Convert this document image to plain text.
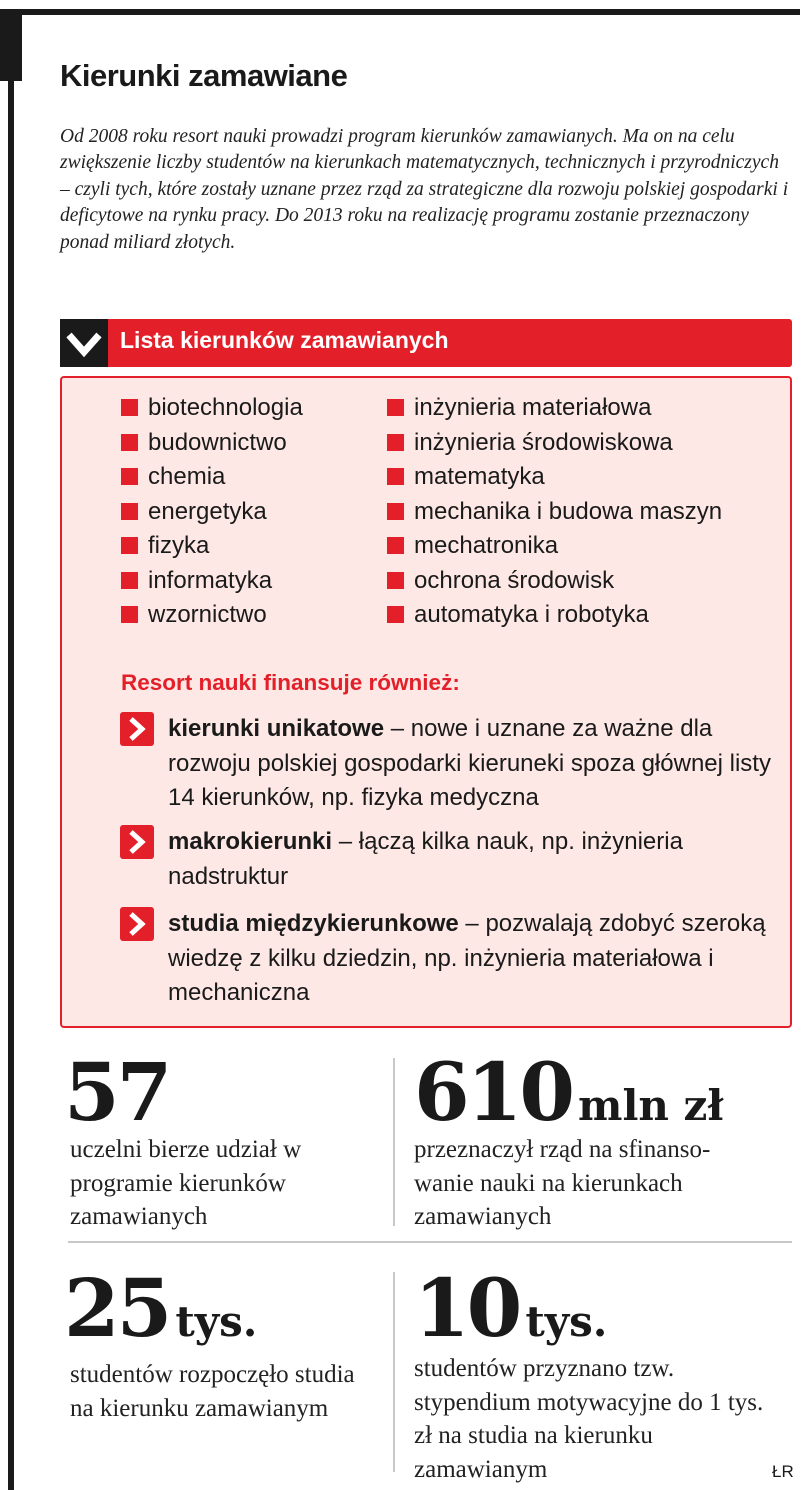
Kierunki zamawiane

Od 2008 roku resort nauki prowadzi program kierunków zamawianych. Ma on na celu zwiększenie liczby studentów na kierunkach matematycznych, technicznych i przyrodniczych – czyli tych, które zostały uznane przez rząd za strategiczne dla rozwoju polskiej gospodarki i deficytowe na rynku pracy. Do 2013 roku na realizację programu zostanie przeznaczony ponad miliard złotych.

Lista kierunków zamawianych
biotechnologia
budownictwo
chemia
energetyka
fizyka
informatyka
wzornictwo
inżynieria materiałowa
inżynieria środowiskowa
matematyka
mechanika i budowa maszyn
mechatronika
ochrona środowisk
automatyka i robotyka
Resort nauki finansuje również:

kierunki unikatowe – nowe i uznane za ważne dla rozwoju polskiej gospodarki kieruneki spoza głównej listy 14 kierunków, np. fizyka medyczna

makrokierunki – łączą kilka nauk, np. inżynieria nadstruktur

studia międzykierunkowe – pozwalają zdobyć szeroką wiedzę z kilku dziedzin, np. inżynieria materiałowa i mechaniczna

57

uczelni bierze udział w programie kierunków zamawianych

610 mln zł

przeznaczył rząd na sfinanso-wanie nauki na kierunkach zamawianych

25 tys.

studentów rozpoczęło studia na kierunku zamawianym

10 tys.

studentów przyznano tzw. stypendium motywacyjne do 1 tys. zł na studia na kierunku zamawianym	ŁR
